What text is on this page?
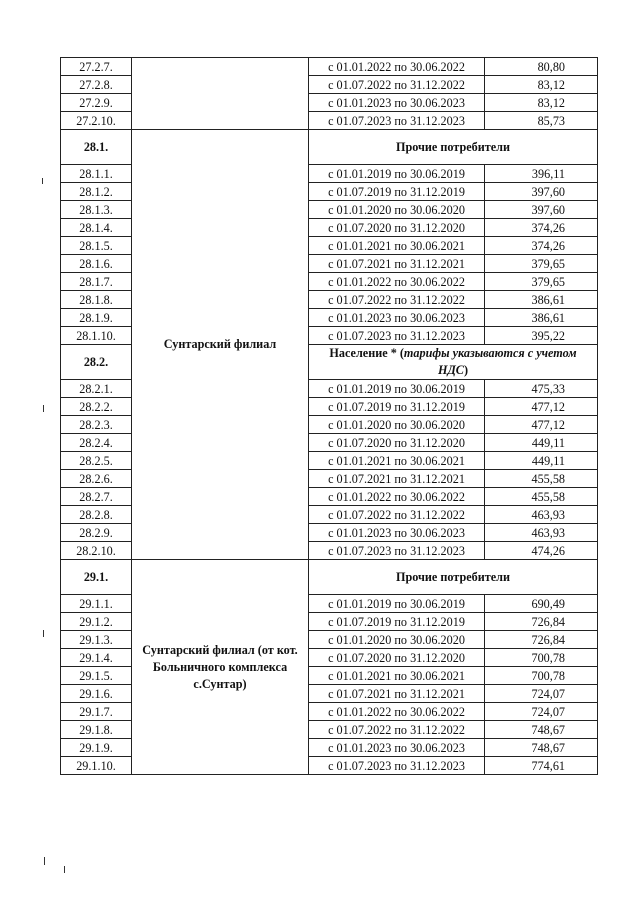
27.2.7.		с 01.01.2022 по 30.06.2022	80,80
27.2.8.		с 01.07.2022 по 31.12.2022	83,12
27.2.9.		с 01.01.2023 по 30.06.2023	83,12
27.2.10.		с 01.07.2023 по 31.12.2023	85,73
28.1.	Сунтарский филиал	Прочие потребители	
28.1.1.		с 01.01.2019 по 30.06.2019	396,11
28.1.2.		с 01.07.2019 по 31.12.2019	397,60
28.1.3.		с 01.01.2020 по 30.06.2020	397,60
28.1.4.		с 01.07.2020 по 31.12.2020	374,26
28.1.5.		с 01.01.2021 по 30.06.2021	374,26
28.1.6.		с 01.07.2021 по 31.12.2021	379,65
28.1.7.		с 01.01.2022 по 30.06.2022	379,65
28.1.8.		с 01.07.2022 по 31.12.2022	386,61
28.1.9.		с 01.01.2023 по 30.06.2023	386,61
28.1.10.		с 01.07.2023 по 31.12.2023	395,22
28.2.		Население * (тарифы указываются с учетом НДС)	
28.2.1.		с 01.01.2019 по 30.06.2019	475,33
28.2.2.		с 01.07.2019 по 31.12.2019	477,12
28.2.3.		с 01.01.2020 по 30.06.2020	477,12
28.2.4.		с 01.07.2020 по 31.12.2020	449,11
28.2.5.		с 01.01.2021 по 30.06.2021	449,11
28.2.6.		с 01.07.2021 по 31.12.2021	455,58
28.2.7.		с 01.01.2022 по 30.06.2022	455,58
28.2.8.		с 01.07.2022 по 31.12.2022	463,93
28.2.9.		с 01.01.2023 по 30.06.2023	463,93
28.2.10.		с 01.07.2023 по 31.12.2023	474,26
29.1.	Сунтарский филиал (от кот. Больничного комплекса с.Сунтар)	Прочие потребители	
29.1.1.		с 01.01.2019 по 30.06.2019	690,49
29.1.2.		с 01.07.2019 по 31.12.2019	726,84
29.1.3.		с 01.01.2020 по 30.06.2020	726,84
29.1.4.		с 01.07.2020 по 31.12.2020	700,78
29.1.5.		с 01.01.2021 по 30.06.2021	700,78
29.1.6.		с 01.07.2021 по 31.12.2021	724,07
29.1.7.		с 01.01.2022 по 30.06.2022	724,07
29.1.8.		с 01.07.2022 по 31.12.2022	748,67
29.1.9.		с 01.01.2023 по 30.06.2023	748,67
29.1.10.		с 01.07.2023 по 31.12.2023	774,61
